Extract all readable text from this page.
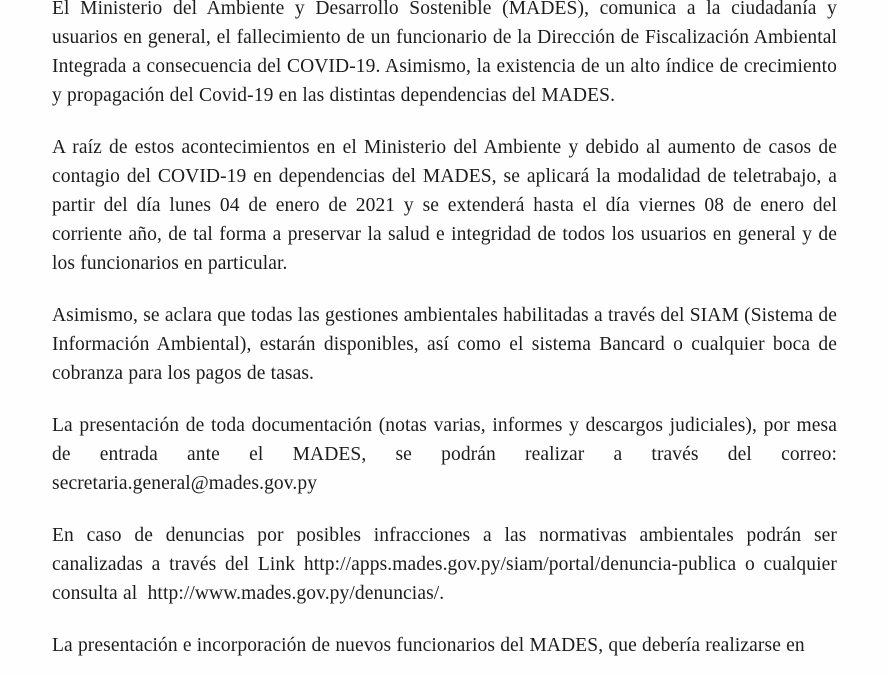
El Ministerio del Ambiente y Desarrollo Sostenible (MADES), comunica a la ciudadanía y usuarios en general, el fallecimiento de un funcionario de la Dirección de Fiscalización Ambiental Integrada a consecuencia del COVID-19. Asimismo, la existencia de un alto índice de crecimiento y propagación del Covid-19 en las distintas dependencias del MADES.

A raíz de estos acontecimientos en el Ministerio del Ambiente y debido al aumento de casos de contagio del COVID-19 en dependencias del MADES, se aplicará la modalidad de teletrabajo, a partir del día lunes 04 de enero de 2021 y se extenderá hasta el día viernes 08 de enero del corriente año, de tal forma a preservar la salud e integridad de todos los usuarios en general y de los funcionarios en particular.

Asimismo, se aclara que todas las gestiones ambientales habilitadas a través del SIAM (Sistema de Información Ambiental), estarán disponibles, así como el sistema Bancard o cualquier boca de cobranza para los pagos de tasas.

La presentación de toda documentación (notas varias, informes y descargos judiciales), por mesa
de entrada ante el MADES, se podrán realizar a través del correo:
secretaria.general@mades.gov.py

En caso de denuncias por posibles infracciones a las normativas ambientales podrán ser
canalizadas a través del Link http://apps.mades.gov.py/siam/portal/denuncia-publica o cualquier
consulta al  http://www.mades.gov.py/denuncias/.

La presentación e incorporación de nuevos funcionarios del MADES, que debería realizarse en
